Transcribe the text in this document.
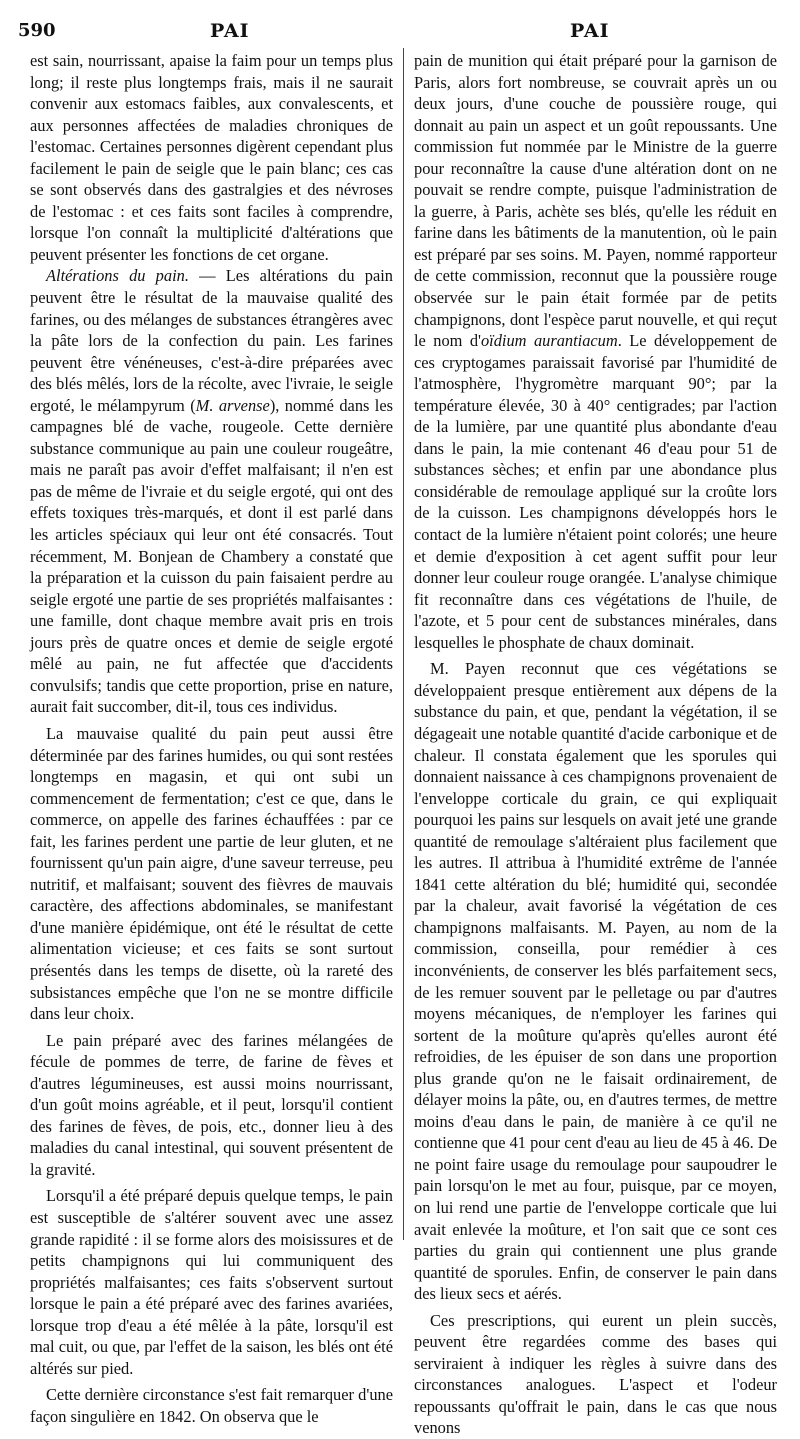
590	PAI	PAI

est sain, nourrissant, apaise la faim pour un temps plus long; il reste plus longtemps frais, mais il ne saurait convenir aux estomacs faibles, aux convalescents, et aux personnes affectées de maladies chroniques de l'estomac. Certaines personnes digèrent cependant plus facilement le pain de seigle que le pain blanc; ces cas se sont observés dans des gastralgies et des névroses de l'estomac : et ces faits sont faciles à comprendre, lorsque l'on connaît la multiplicité d'altérations que peuvent présenter les fonctions de cet organe.

Altérations du pain. — Les altérations du pain peuvent être le résultat de la mauvaise qualité des farines, ou des mélanges de substances étrangères avec la pâte lors de la confection du pain. Les farines peuvent être vénéneuses, c'est-à-dire préparées avec des blés mêlés, lors de la récolte, avec l'ivraie, le seigle ergoté, le mélampyrum (M. arvense), nommé dans les campagnes blé de vache, rougeole. Cette dernière substance communique au pain une couleur rougeâtre, mais ne paraît pas avoir d'effet malfaisant; il n'en est pas de même de l'ivraie et du seigle ergoté, qui ont des effets toxiques très-marqués, et dont il est parlé dans les articles spéciaux qui leur ont été consacrés. Tout récemment, M. Bonjean de Chambery a constaté que la préparation et la cuisson du pain faisaient perdre au seigle ergoté une partie de ses propriétés malfaisantes : une famille, dont chaque membre avait pris en trois jours près de quatre onces et demie de seigle ergoté mêlé au pain, ne fut affectée que d'accidents convulsifs; tandis que cette proportion, prise en nature, aurait fait succomber, dit-il, tous ces individus.

La mauvaise qualité du pain peut aussi être déterminée par des farines humides, ou qui sont restées longtemps en magasin, et qui ont subi un commencement de fermentation; c'est ce que, dans le commerce, on appelle des farines échauffées : par ce fait, les farines perdent une partie de leur gluten, et ne fournissent qu'un pain aigre, d'une saveur terreuse, peu nutritif, et malfaisant; souvent des fièvres de mauvais caractère, des affections abdominales, se manifestant d'une manière épidémique, ont été le résultat de cette alimentation vicieuse; et ces faits se sont surtout présentés dans les temps de disette, où la rareté des subsistances empêche que l'on ne se montre difficile dans leur choix.

Le pain préparé avec des farines mélangées de fécule de pommes de terre, de farine de fèves et d'autres légumineuses, est aussi moins nourrissant, d'un goût moins agréable, et il peut, lorsqu'il contient des farines de fèves, de pois, etc., donner lieu à des maladies du canal intestinal, qui souvent présentent de la gravité.

Lorsqu'il a été préparé depuis quelque temps, le pain est susceptible de s'altérer souvent avec une assez grande rapidité : il se forme alors des moisissures et de petits champignons qui lui communiquent des propriétés malfaisantes; ces faits s'observent surtout lorsque le pain a été préparé avec des farines avariées, lorsque trop d'eau a été mêlée à la pâte, lorsqu'il est mal cuit, ou que, par l'effet de la saison, les blés ont été altérés sur pied.

Cette dernière circonstance s'est fait remarquer d'une façon singulière en 1842. On observa que le

pain de munition qui était préparé pour la garnison de Paris, alors fort nombreuse, se couvrait après un ou deux jours, d'une couche de poussière rouge, qui donnait au pain un aspect et un goût repoussants. Une commission fut nommée par le Ministre de la guerre pour reconnaître la cause d'une altération dont on ne pouvait se rendre compte, puisque l'administration de la guerre, à Paris, achète ses blés, qu'elle les réduit en farine dans les bâtiments de la manutention, où le pain est préparé par ses soins. M. Payen, nommé rapporteur de cette commission, reconnut que la poussière rouge observée sur le pain était formée par de petits champignons, dont l'espèce parut nouvelle, et qui reçut le nom d'oïdium aurantiacum. Le développement de ces cryptogames paraissait favorisé par l'humidité de l'atmosphère, l'hygromètre marquant 90°; par la température élevée, 30 à 40° centigrades; par l'action de la lumière, par une quantité plus abondante d'eau dans le pain, la mie contenant 46 d'eau pour 51 de substances sèches; et enfin par une abondance plus considérable de remoulage appliqué sur la croûte lors de la cuisson. Les champignons développés hors le contact de la lumière n'étaient point colorés; une heure et demie d'exposition à cet agent suffit pour leur donner leur couleur rouge orangée. L'analyse chimique fit reconnaître dans ces végétations de l'huile, de l'azote, et 5 pour cent de substances minérales, dans lesquelles le phosphate de chaux dominait.

M. Payen reconnut que ces végétations se développaient presque entièrement aux dépens de la substance du pain, et que, pendant la végétation, il se dégageait une notable quantité d'acide carbonique et de chaleur. Il constata également que les sporules qui donnaient naissance à ces champignons provenaient de l'enveloppe corticale du grain, ce qui expliquait pourquoi les pains sur lesquels on avait jeté une grande quantité de remoulage s'altéraient plus facilement que les autres. Il attribua à l'humidité extrême de l'année 1841 cette altération du blé; humidité qui, secondée par la chaleur, avait favorisé la végétation de ces champignons malfaisants. M. Payen, au nom de la commission, conseilla, pour remédier à ces inconvénients, de conserver les blés parfaitement secs, de les remuer souvent par le pelletage ou par d'autres moyens mécaniques, de n'employer les farines qui sortent de la moûture qu'après qu'elles auront été refroidies, de les épuiser de son dans une proportion plus grande qu'on ne le faisait ordinairement, de délayer moins la pâte, ou, en d'autres termes, de mettre moins d'eau dans le pain, de manière à ce qu'il ne contienne que 41 pour cent d'eau au lieu de 45 à 46. De ne point faire usage du remoulage pour saupoudrer le pain lorsqu'on le met au four, puisque, par ce moyen, on lui rend une partie de l'enveloppe corticale que lui avait enlevée la moûture, et l'on sait que ce sont ces parties du grain qui contiennent une plus grande quantité de sporules. Enfin, de conserver le pain dans des lieux secs et aérés.

Ces prescriptions, qui eurent un plein succès, peuvent être regardées comme des bases qui serviraient à indiquer les règles à suivre dans des circonstances analogues. L'aspect et l'odeur repoussants qu'offrait le pain, dans le cas que nous venons
